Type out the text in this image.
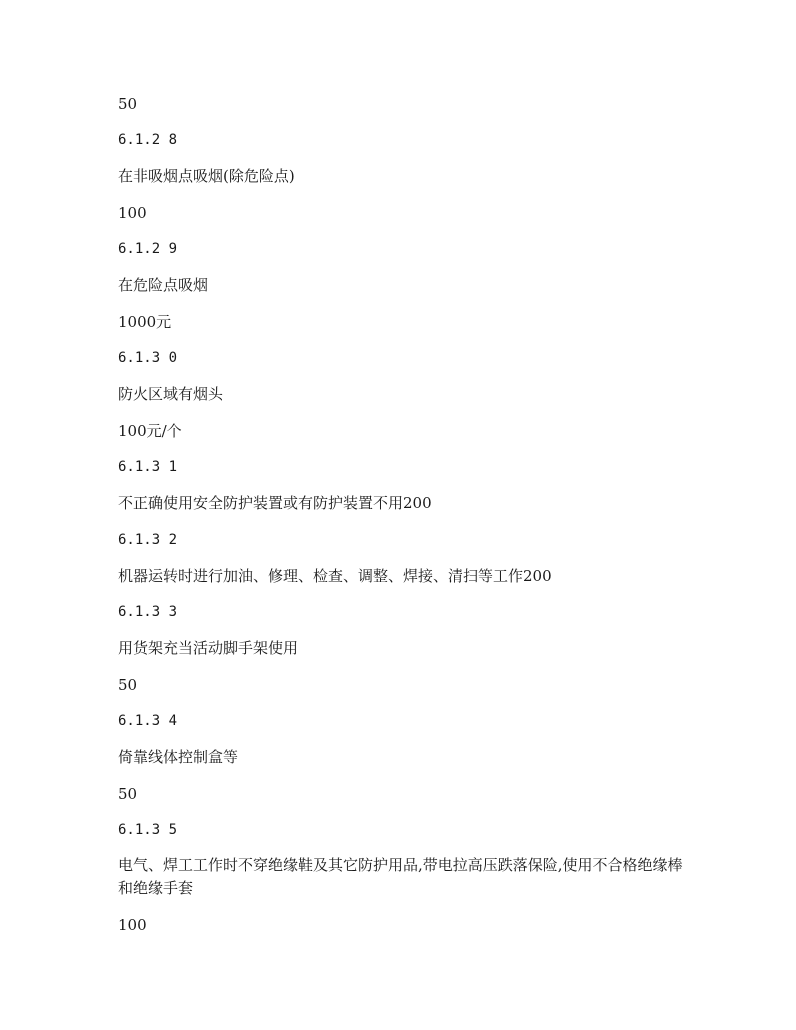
50
6.1.2 8
在非吸烟点吸烟(除危险点)
100
6.1.2 9
在危险点吸烟
1000元
6.1.3 0
防火区域有烟头
100元/个
6.1.3 1
不正确使用安全防护装置或有防护装置不用200
6.1.3 2
机器运转时进行加油、修理、检查、调整、焊接、清扫等工作200
6.1.3 3
用货架充当活动脚手架使用
50
6.1.3 4
倚靠线体控制盒等
50
6.1.3 5
电气、焊工工作时不穿绝缘鞋及其它防护用品,带电拉高压跌落保险,使用不合格绝缘棒和绝缘手套
100
